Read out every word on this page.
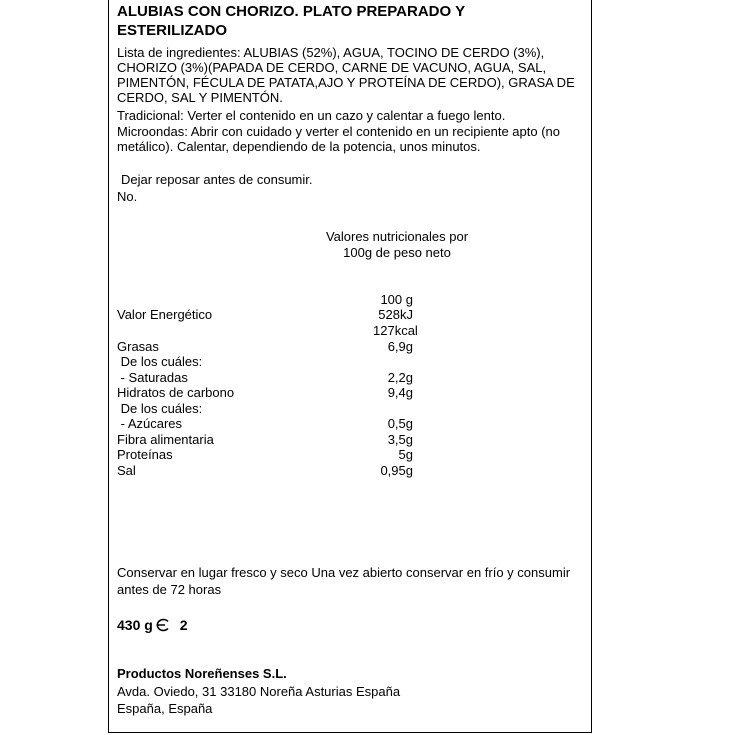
ALUBIAS CON CHORIZO. PLATO PREPARADO Y
ESTERILIZADO
Lista de ingredientes: ALUBIAS (52%), AGUA, TOCINO DE CERDO (3%),
CHORIZO (3%)(PAPADA DE CERDO, CARNE DE VACUNO, AGUA, SAL,
PIMENTÓN, FÉCULA DE PATATA,AJO Y PROTEÍNA DE CERDO), GRASA DE
CERDO, SAL Y PIMENTÓN.
Tradicional: Verter el contenido en un cazo y calentar a fuego lento.
Microondas: Abrir con cuidado y verter el contenido en un recipiente apto (no
metálico). Calentar, dependiendo de la potencia, unos minutos.
Dejar reposar antes de consumir.
No.
Valores nutricionales por
100g de peso neto
100 g
Valor Energético	528kJ
127kcal
Grasas	6,9g
De los cuáles:
- Saturadas	2,2g
Hidratos de carbono	9,4g
De los cuáles:
- Azúcares	0,5g
Fibra alimentaria	3,5g
Proteínas	5g
Sal	0,95g
Conservar en lugar fresco y seco Una vez abierto conservar en frío y consumir
antes de 72 horas
430 g 2
Productos Noreñenses S.L.
Avda. Oviedo, 31 33180 Noreña Asturias España
España, España
